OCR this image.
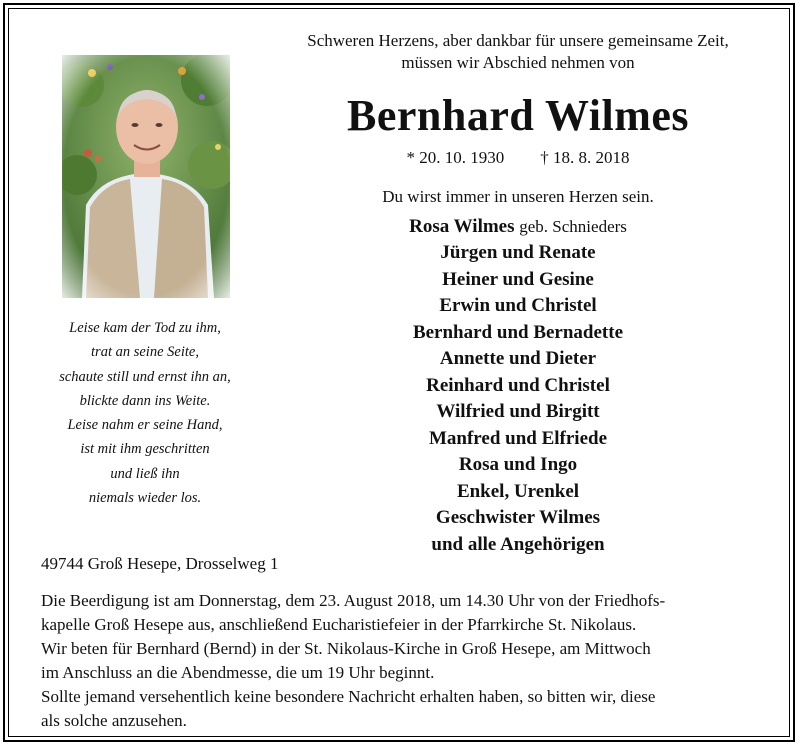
Schweren Herzens, aber dankbar für unsere gemeinsame Zeit,
müssen wir Abschied nehmen von
Bernhard Wilmes
* 20. 10. 1930 † 18. 8. 2018
Du wirst immer in unseren Herzen sein.
Rosa Wilmes geb. Schnieders
Jürgen und Renate
Heiner und Gesine
Erwin und Christel
Bernhard und Bernadette
Annette und Dieter
Reinhard und Christel
Wilfried und Birgitt
Manfred und Elfriede
Rosa und Ingo
Enkel, Urenkel
Geschwister Wilmes
und alle Angehörigen
Leise kam der Tod zu ihm,
trat an seine Seite,
schaute still und ernst ihn an,
blickte dann ins Weite.
Leise nahm er seine Hand,
ist mit ihm geschritten
und ließ ihn
niemals wieder los.
49744 Groß Hesepe, Drosselweg 1

Die Beerdigung ist am Donnerstag, dem 23. August 2018, um 14.30 Uhr von der Friedhofs-

kapelle Groß Hesepe aus, anschließend Eucharistiefeier in der Pfarrkirche St. Nikolaus.

Wir beten für Bernhard (Bernd) in der St. Nikolaus-Kirche in Groß Hesepe, am Mittwoch

im Anschluss an die Abendmesse, die um 19 Uhr beginnt.

Sollte jemand versehentlich keine besondere Nachricht erhalten haben, so bitten wir, diese

als solche anzusehen.
